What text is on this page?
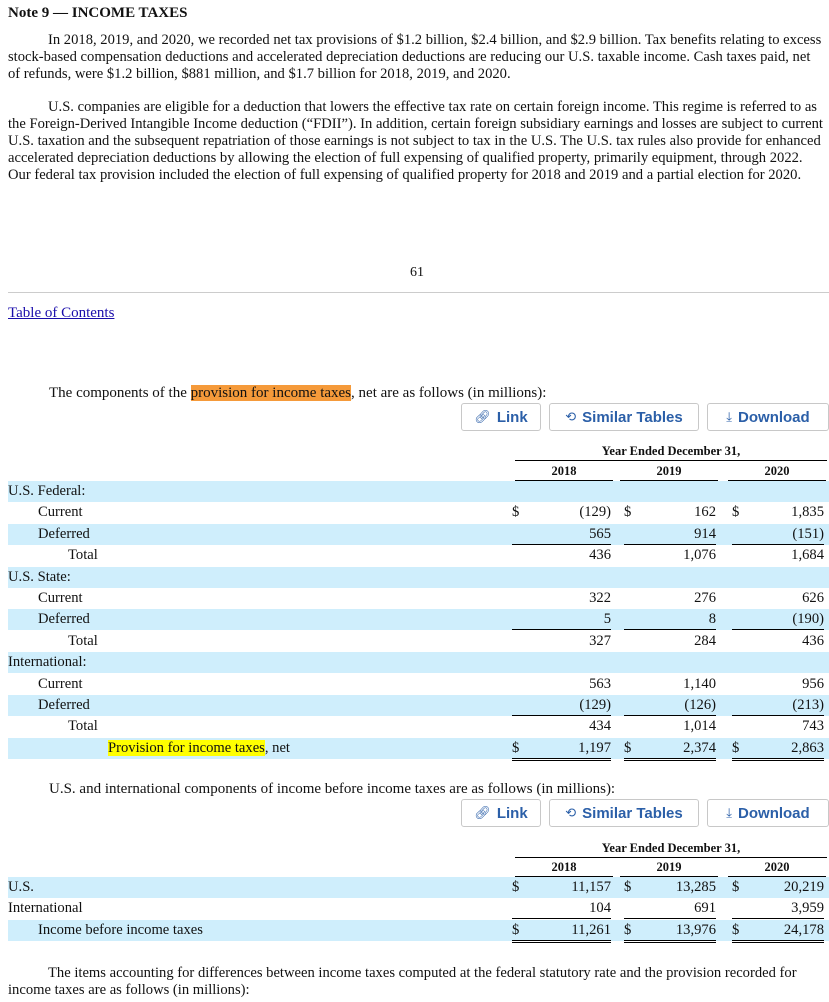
Note 9 — INCOME TAXES
In 2018, 2019, and 2020, we recorded net tax provisions of $1.2 billion, $2.4 billion, and $2.9 billion. Tax benefits relating to excess stock-based compensation deductions and accelerated depreciation deductions are reducing our U.S. taxable income. Cash taxes paid, net of refunds, were $1.2 billion, $881 million, and $1.7 billion for 2018, 2019, and 2020.
U.S. companies are eligible for a deduction that lowers the effective tax rate on certain foreign income. This regime is referred to as the Foreign-Derived Intangible Income deduction (“FDII”). In addition, certain foreign subsidiary earnings and losses are subject to current U.S. taxation and the subsequent repatriation of those earnings is not subject to tax in the U.S. The U.S. tax rules also provide for enhanced accelerated depreciation deductions by allowing the election of full expensing of qualified property, primarily equipment, through 2022. Our federal tax provision included the election of full expensing of qualified property for 2018 and 2019 and a partial election for 2020.
61
Table of Contents
The components of the provision for income taxes, net are as follows (in millions):
🔗︎ Link	⟲ Similar Tables	⤓ Download
Year Ended December 31,
2018	2019	2020
U.S. Federal:
Current	$	(129) $	162 $	1,835
Deferred	565	914	(151)
Total	436	1,076	1,684
U.S. State:
Current	322	276	626
Deferred	5	8	(190)
Total	327	284	436
International:
Current	563	1,140	956
Deferred	(129)	(126)	(213)
Total	434	1,014	743
Provision for income taxes, net	$	1,197 $	2,374 $	2,863
U.S. and international components of income before income taxes are as follows (in millions):
🔗︎ Link	⟲ Similar Tables	⤓ Download
Year Ended December 31,
2018	2019	2020
U.S.	$	11,157 $	13,285 $	20,219
International	104	691	3,959
Income before income taxes	$	11,261 $	13,976 $	24,178
The items accounting for differences between income taxes computed at the federal statutory rate and the provision recorded for income taxes are as follows (in millions):
